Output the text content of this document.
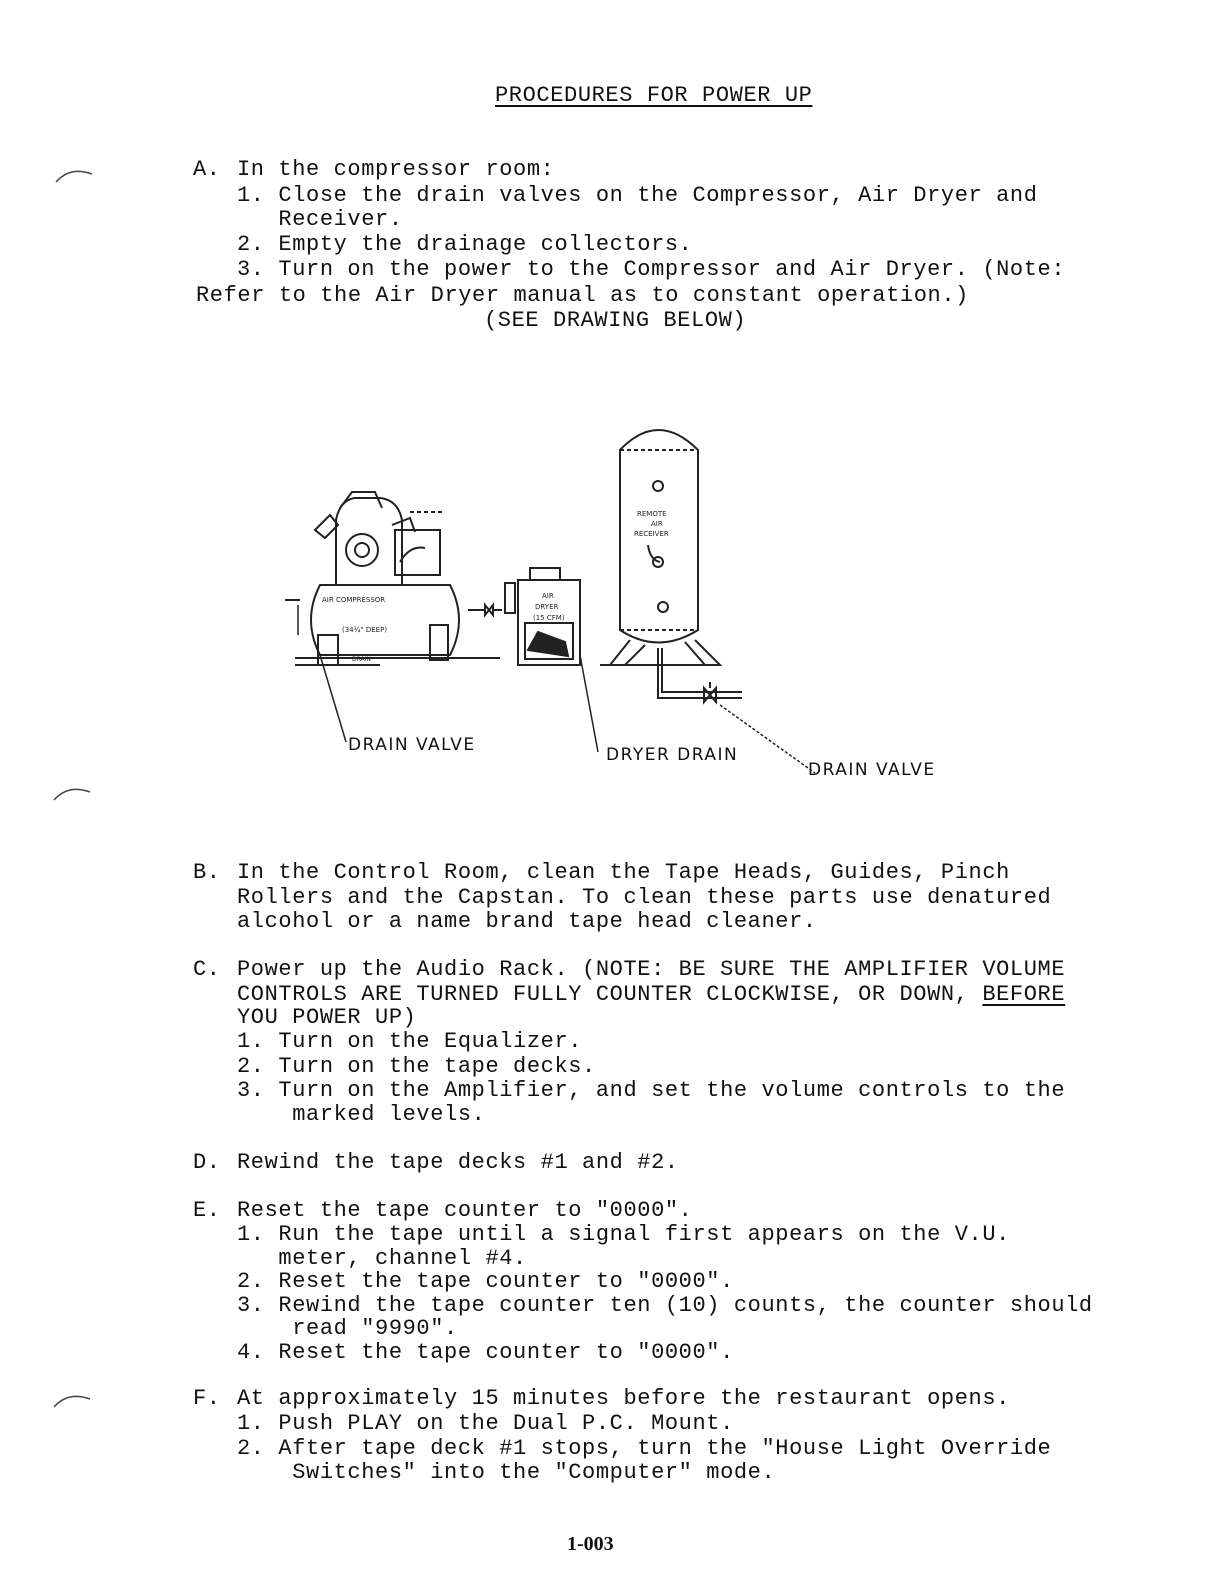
PROCEDURES FOR POWER UP
A. In the compressor room:
1. Close the drain valves on the Compressor, Air Dryer and
Receiver.
2. Empty the drainage collectors.
3. Turn on the power to the Compressor and Air Dryer. (Note:
Refer to the Air Dryer manual as to constant operation.)
(SEE DRAWING BELOW)
AIR COMPRESSOR
(34¾" DEEP)
DRAIN
AIR
DRYER
(15 CFM)
REMOTE
AIR
RECEIVER
DRAIN VALVE	DRYER DRAIN
DRAIN VALVE
B. In the Control Room, clean the Tape Heads, Guides, Pinch
Rollers and the Capstan. To clean these parts use denatured
alcohol or a name brand tape head cleaner.
C. Power up the Audio Rack. (NOTE: BE SURE THE AMPLIFIER VOLUME
CONTROLS ARE TURNED FULLY COUNTER CLOCKWISE, OR DOWN, BEFORE
YOU POWER UP)
1. Turn on the Equalizer.
2. Turn on the tape decks.
3. Turn on the Amplifier, and set the volume controls to the
marked levels.
D. Rewind the tape decks #1 and #2.
E. Reset the tape counter to "0000".
1. Run the tape until a signal first appears on the V.U.
meter, channel #4.
2. Reset the tape counter to "0000".
3. Rewind the tape counter ten (10) counts, the counter should
read "9990".
4. Reset the tape counter to "0000".
F. At approximately 15 minutes before the restaurant opens.
1. Push PLAY on the Dual P.C. Mount.
2. After tape deck #1 stops, turn the "House Light Override
Switches" into the "Computer" mode.
1-003
